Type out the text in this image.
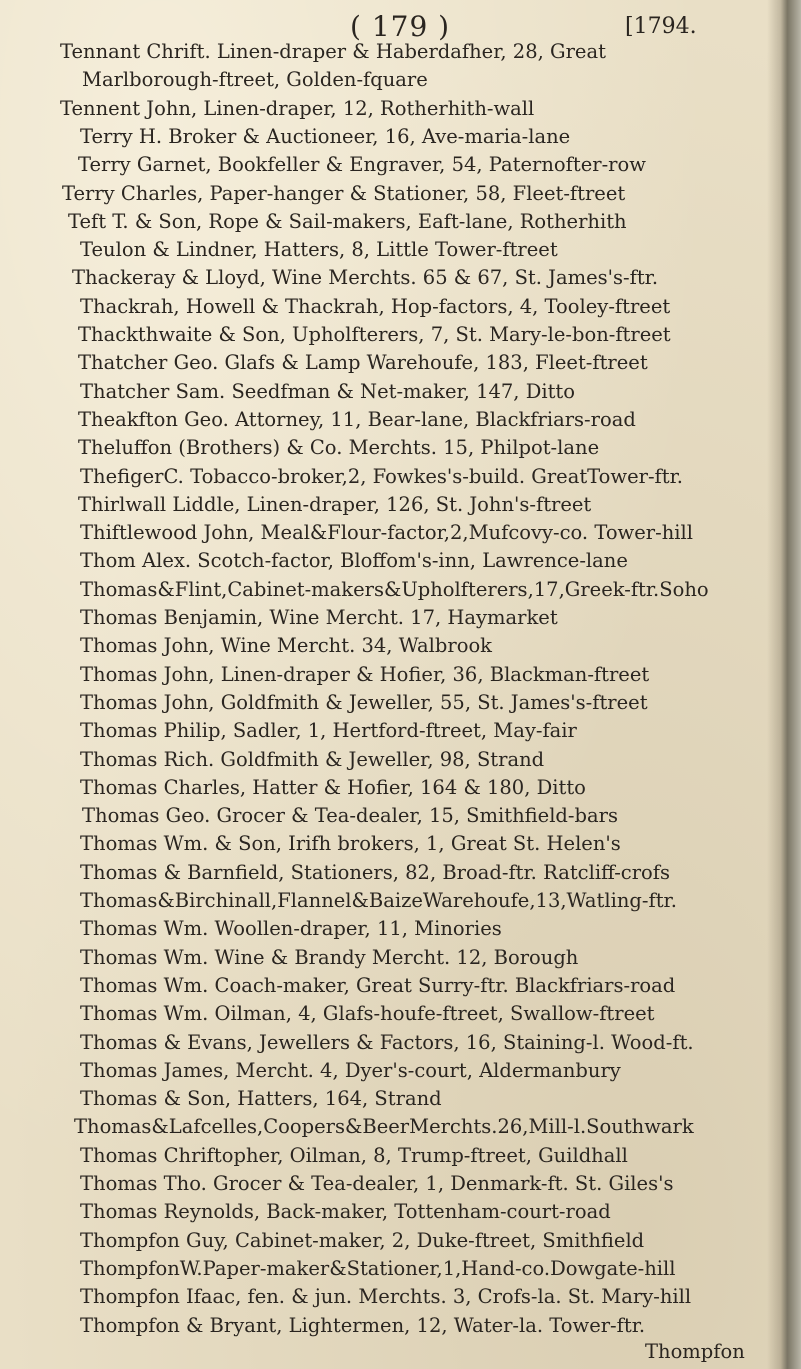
( 179 )	[1794.
Tennant Chrift. Linen-draper & Haberdafher, 28, Great
Marlborough-ftreet, Golden-fquare
Tennent John, Linen-draper, 12, Rotherhith-wall
Terry H. Broker & Auctioneer, 16, Ave-maria-lane
Terry Garnet, Bookfeller & Engraver, 54, Paternofter-row
Terry Charles, Paper-hanger & Stationer, 58, Fleet-ftreet
Teft T. & Son, Rope & Sail-makers, Eaft-lane, Rotherhith
Teulon & Lindner, Hatters, 8, Little Tower-ftreet
Thackeray & Lloyd, Wine Merchts. 65 & 67, St. James's-ftr.
Thackrah, Howell & Thackrah, Hop-factors, 4, Tooley-ftreet
Thackthwaite & Son, Upholfterers, 7, St. Mary-le-bon-ftreet
Thatcher Geo. Glafs & Lamp Warehoufe, 183, Fleet-ftreet
Thatcher Sam. Seedfman & Net-maker, 147, Ditto
Theakfton Geo. Attorney, 11, Bear-lane, Blackfriars-road
Theluffon (Brothers) & Co. Merchts. 15, Philpot-lane
ThefigerC. Tobacco-broker,2, Fowkes's-build. GreatTower-ftr.
Thirlwall Liddle, Linen-draper, 126, St. John's-ftreet
Thiftlewood John, Meal&Flour-factor,2,Mufcovy-co. Tower-hill
Thom Alex. Scotch-factor, Bloffom's-inn, Lawrence-lane
Thomas&Flint,Cabinet-makers&Upholfterers,17,Greek-ftr.Soho
Thomas Benjamin, Wine Mercht. 17, Haymarket
Thomas John, Wine Mercht. 34, Walbrook
Thomas John, Linen-draper & Hofier, 36, Blackman-ftreet
Thomas John, Goldfmith & Jeweller, 55, St. James's-ftreet
Thomas Philip, Sadler, 1, Hertford-ftreet, May-fair
Thomas Rich. Goldfmith & Jeweller, 98, Strand
Thomas Charles, Hatter & Hofier, 164 & 180, Ditto
Thomas Geo. Grocer & Tea-dealer, 15, Smithfield-bars
Thomas Wm. & Son, Irifh brokers, 1, Great St. Helen's
Thomas & Barnfield, Stationers, 82, Broad-ftr. Ratcliff-crofs
Thomas&Birchinall,Flannel&BaizeWarehoufe,13,Watling-ftr.
Thomas Wm. Woollen-draper, 11, Minories
Thomas Wm. Wine & Brandy Mercht. 12, Borough
Thomas Wm. Coach-maker, Great Surry-ftr. Blackfriars-road
Thomas Wm. Oilman, 4, Glafs-houfe-ftreet, Swallow-ftreet
Thomas & Evans, Jewellers & Factors, 16, Staining-l. Wood-ft.
Thomas James, Mercht. 4, Dyer's-court, Aldermanbury
Thomas & Son, Hatters, 164, Strand
Thomas&Lafcelles,Coopers&BeerMerchts.26,Mill-l.Southwark
Thomas Chriftopher, Oilman, 8, Trump-ftreet, Guildhall
Thomas Tho. Grocer & Tea-dealer, 1, Denmark-ft. St. Giles's
Thomas Reynolds, Back-maker, Tottenham-court-road
Thompfon Guy, Cabinet-maker, 2, Duke-ftreet, Smithfield
ThompfonW.Paper-maker&Stationer,1,Hand-co.Dowgate-hill
Thompfon Ifaac, fen. & jun. Merchts. 3, Crofs-la. St. Mary-hill
Thompfon & Bryant, Lightermen, 12, Water-la. Tower-ftr.
Thompfon
